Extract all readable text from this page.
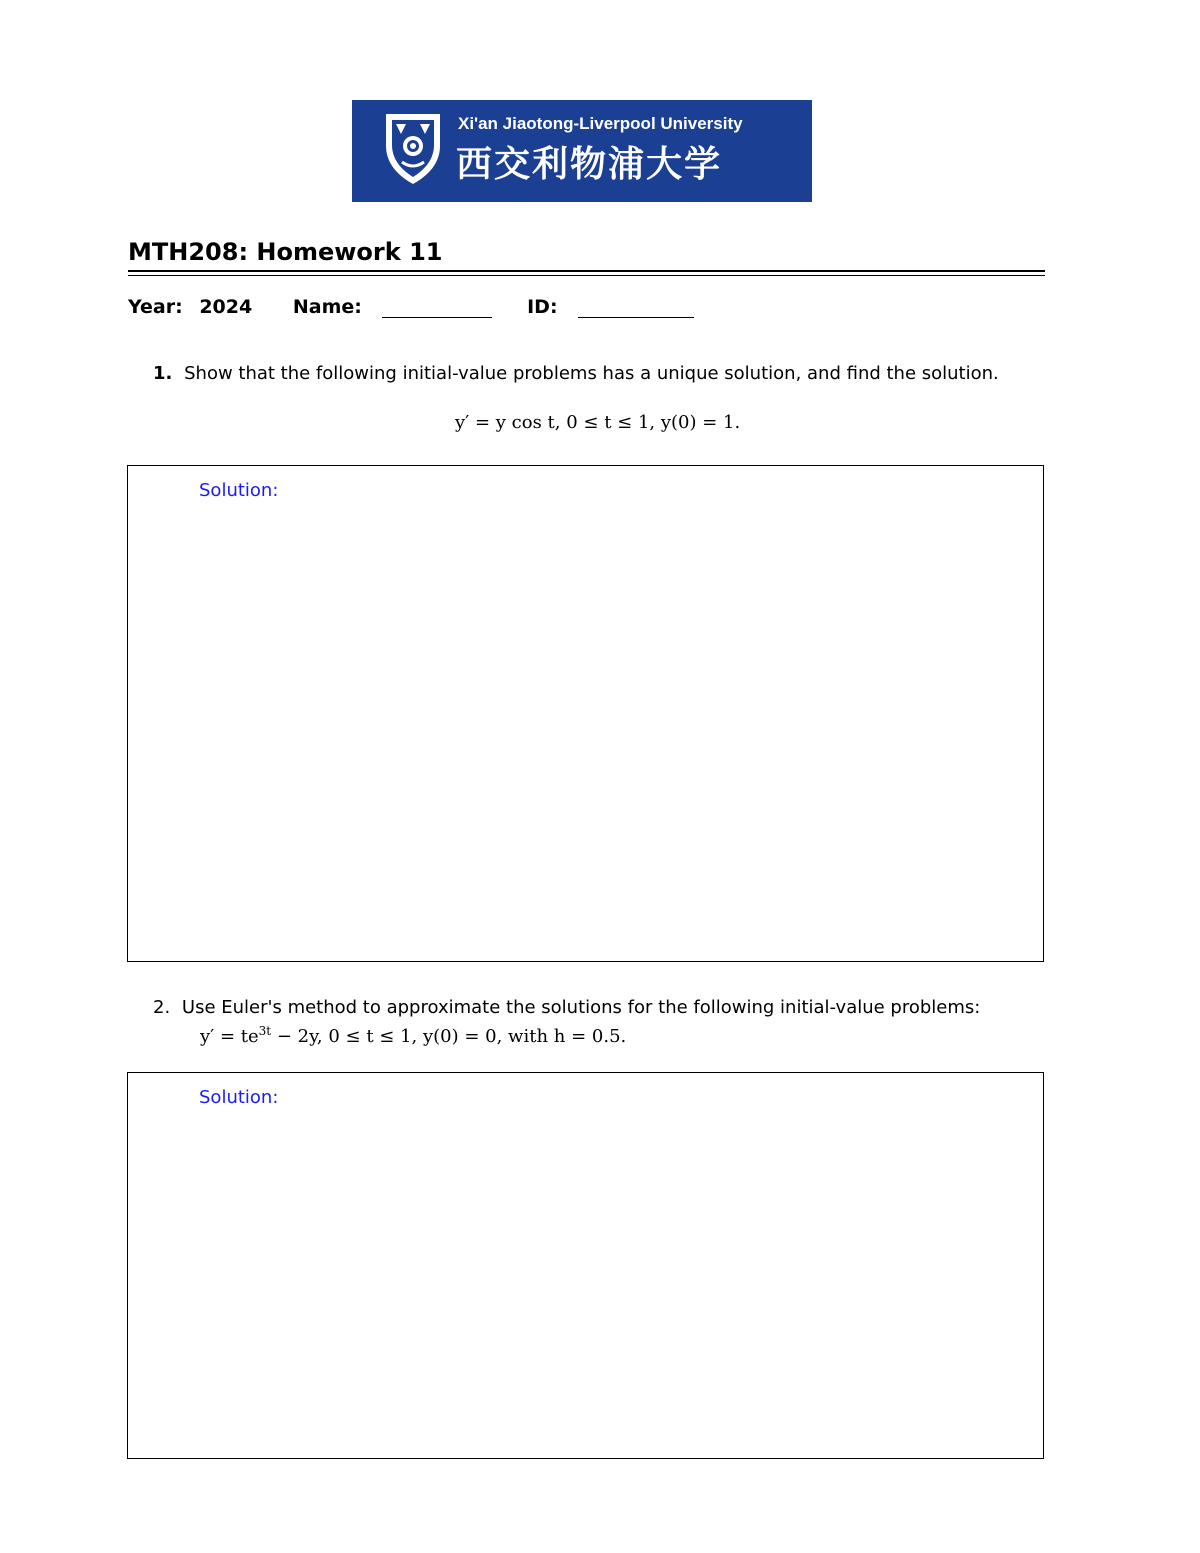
Xi'an Jiaotong-Liverpool University
西交利物浦大学
MTH208: Homework 11
Year: 2024 Name:	ID:
1. Show that the following initial-value problems has a unique solution, and find the solution.
y′ = y cos t, 0 ≤ t ≤ 1, y(0) = 1.
Solution:
2. Use Euler's method to approximate the solutions for the following initial-value problems:
$y' = te^{3t} - 2y$, 0 ≤ t ≤ 1, y(0) = 0, with h = 0.5.
Solution:
